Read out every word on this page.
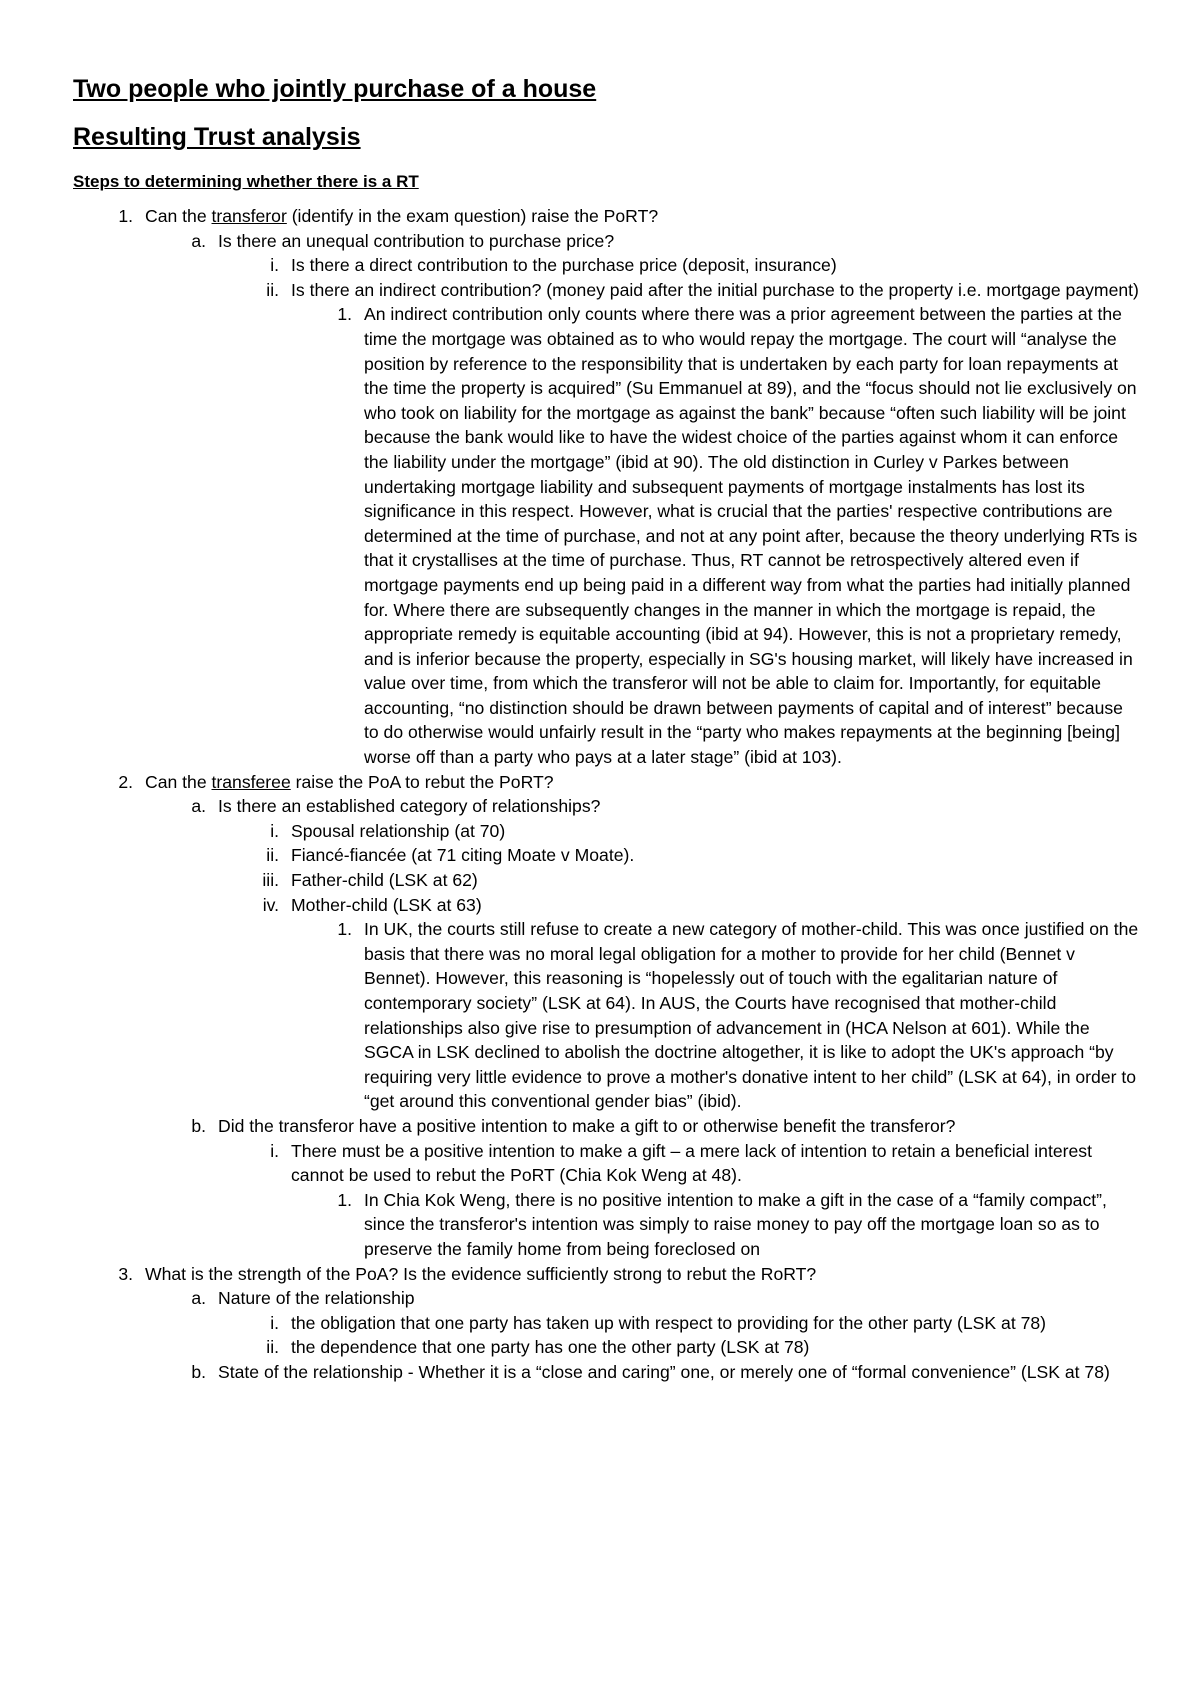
Two people who jointly purchase of a house
Resulting Trust analysis
Steps to determining whether there is a RT
1. Can the transferor (identify in the exam question) raise the PoRT?
a. Is there an unequal contribution to purchase price?
i. Is there a direct contribution to the purchase price (deposit, insurance)
ii. Is there an indirect contribution? (money paid after the initial purchase to the property i.e. mortgage payment)
1. An indirect contribution only counts where there was a prior agreement between the parties at the time the mortgage was obtained as to who would repay the mortgage. The court will “analyse the position by reference to the responsibility that is undertaken by each party for loan repayments at the time the property is acquired” (Su Emmanuel at 89), and the “focus should not lie exclusively on who took on liability for the mortgage as against the bank” because “often such liability will be joint because the bank would like to have the widest choice of the parties against whom it can enforce the liability under the mortgage” (ibid at 90). The old distinction in Curley v Parkes between undertaking mortgage liability and subsequent payments of mortgage instalments has lost its significance in this respect. However, what is crucial that the parties' respective contributions are determined at the time of purchase, and not at any point after, because the theory underlying RTs is that it crystallises at the time of purchase. Thus, RT cannot be retrospectively altered even if mortgage payments end up being paid in a different way from what the parties had initially planned for. Where there are subsequently changes in the manner in which the mortgage is repaid, the appropriate remedy is equitable accounting (ibid at 94). However, this is not a proprietary remedy, and is inferior because the property, especially in SG's housing market, will likely have increased in value over time, from which the transferor will not be able to claim for. Importantly, for equitable accounting, “no distinction should be drawn between payments of capital and of interest” because to do otherwise would unfairly result in the “party who makes repayments at the beginning [being] worse off than a party who pays at a later stage” (ibid at 103).
2. Can the transferee raise the PoA to rebut the PoRT?
a. Is there an established category of relationships?
i. Spousal relationship (at 70)
ii. Fiancé-fiancée (at 71 citing Moate v Moate).
iii. Father-child (LSK at 62)
iv. Mother-child (LSK at 63)
1. In UK, the courts still refuse to create a new category of mother-child. This was once justified on the basis that there was no moral legal obligation for a mother to provide for her child (Bennet v Bennet). However, this reasoning is “hopelessly out of touch with the egalitarian nature of contemporary society” (LSK at 64). In AUS, the Courts have recognised that mother-child relationships also give rise to presumption of advancement in (HCA Nelson at 601). While the SGCA in LSK declined to abolish the doctrine altogether, it is like to adopt the UK's approach “by requiring very little evidence to prove a mother's donative intent to her child” (LSK at 64), in order to “get around this conventional gender bias” (ibid).
b. Did the transferor have a positive intention to make a gift to or otherwise benefit the transferor?
i. There must be a positive intention to make a gift – a mere lack of intention to retain a beneficial interest cannot be used to rebut the PoRT (Chia Kok Weng at 48).
1. In Chia Kok Weng, there is no positive intention to make a gift in the case of a “family compact”, since the transferor's intention was simply to raise money to pay off the mortgage loan so as to preserve the family home from being foreclosed on
3. What is the strength of the PoA? Is the evidence sufficiently strong to rebut the RoRT?
a. Nature of the relationship
i. the obligation that one party has taken up with respect to providing for the other party (LSK at 78)
ii. the dependence that one party has one the other party (LSK at 78)
b. State of the relationship - Whether it is a “close and caring” one, or merely one of “formal convenience” (LSK at 78)
